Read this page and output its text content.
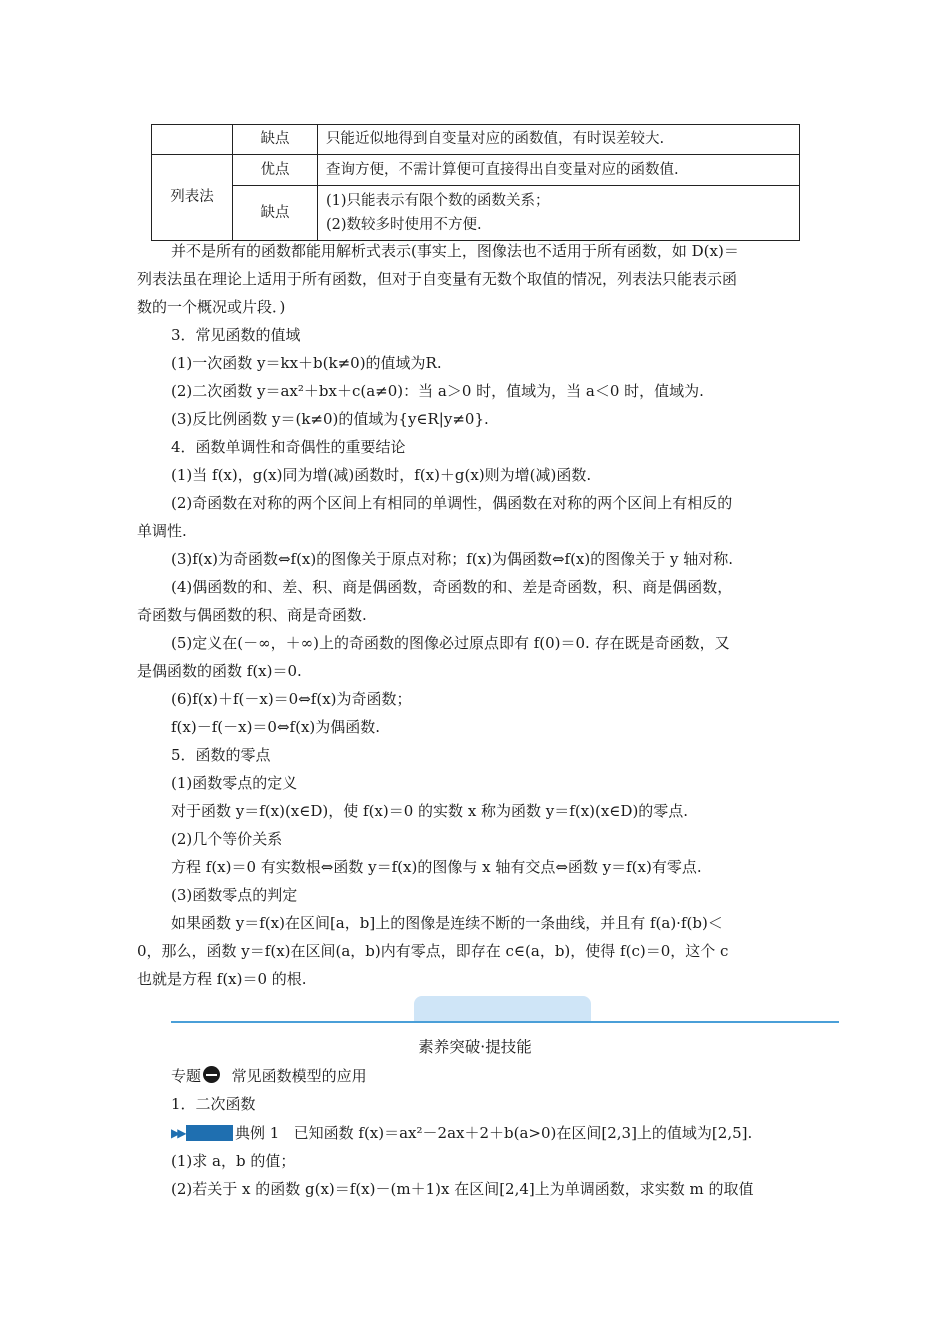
	缺点	只能近似地得到自变量对应的函数值，有时误差较大.
列表法	优点	查询方便，不需计算便可直接得出自变量对应的函数值.
	缺点	(1)只能表示有限个数的函数关系；
(2)数较多时使用不方便.
并不是所有的函数都能用解析式表示(事实上，图像法也不适用于所有函数，如 D(x)＝
列表法虽在理论上适用于所有函数，但对于自变量有无数个取值的情况，列表法只能表示函
数的一个概况或片段．)
3．常见函数的值域
(1)一次函数 y＝kx＋b(k≠0)的值域为R.
(2)二次函数 y＝ax²＋bx＋c(a≠0)：当 a＞0 时，值域为，当 a＜0 时，值域为.
(3)反比例函数 y＝(k≠0)的值域为{y∈R|y≠0}.
4．函数单调性和奇偶性的重要结论
(1)当 f(x)，g(x)同为增(减)函数时，f(x)＋g(x)则为增(减)函数.
(2)奇函数在对称的两个区间上有相同的单调性，偶函数在对称的两个区间上有相反的
单调性.
(3)f(x)为奇函数⇔f(x)的图像关于原点对称；f(x)为偶函数⇔f(x)的图像关于 y 轴对称.
(4)偶函数的和、差、积、商是偶函数，奇函数的和、差是奇函数，积、商是偶函数，
奇函数与偶函数的积、商是奇函数.
(5)定义在(－∞，＋∞)上的奇函数的图像必过原点即有 f(0)＝0. 存在既是奇函数，又
是偶函数的函数 f(x)＝0.
(6)f(x)＋f(－x)＝0⇔f(x)为奇函数；
f(x)－f(－x)＝0⇔f(x)为偶函数.
5．函数的零点
(1)函数零点的定义
对于函数 y＝f(x)(x∈D)，使 f(x)＝0 的实数 x 称为函数 y＝f(x)(x∈D)的零点.
(2)几个等价关系
方程 f(x)＝0 有实数根⇔函数 y＝f(x)的图像与 x 轴有交点⇔函数 y＝f(x)有零点.
(3)函数零点的判定
如果函数 y＝f(x)在区间[a，b]上的图像是连续不断的一条曲线，并且有 f(a)·f(b)＜
0，那么，函数 y＝f(x)在区间(a，b)内有零点，即存在 c∈(a，b)，使得 f(c)＝0，这个 c
也就是方程 f(x)＝0 的根.
素养突破·提技能
专题 常见函数模型的应用
1．二次函数
▶▶	典例 1 已知函数 f(x)＝ax²－2ax＋2＋b(a>0)在区间[2,3]上的值域为[2,5].
(1)求 a，b 的值；
(2)若关于 x 的函数 g(x)＝f(x)－(m＋1)x 在区间[2,4]上为单调函数，求实数 m 的取值
